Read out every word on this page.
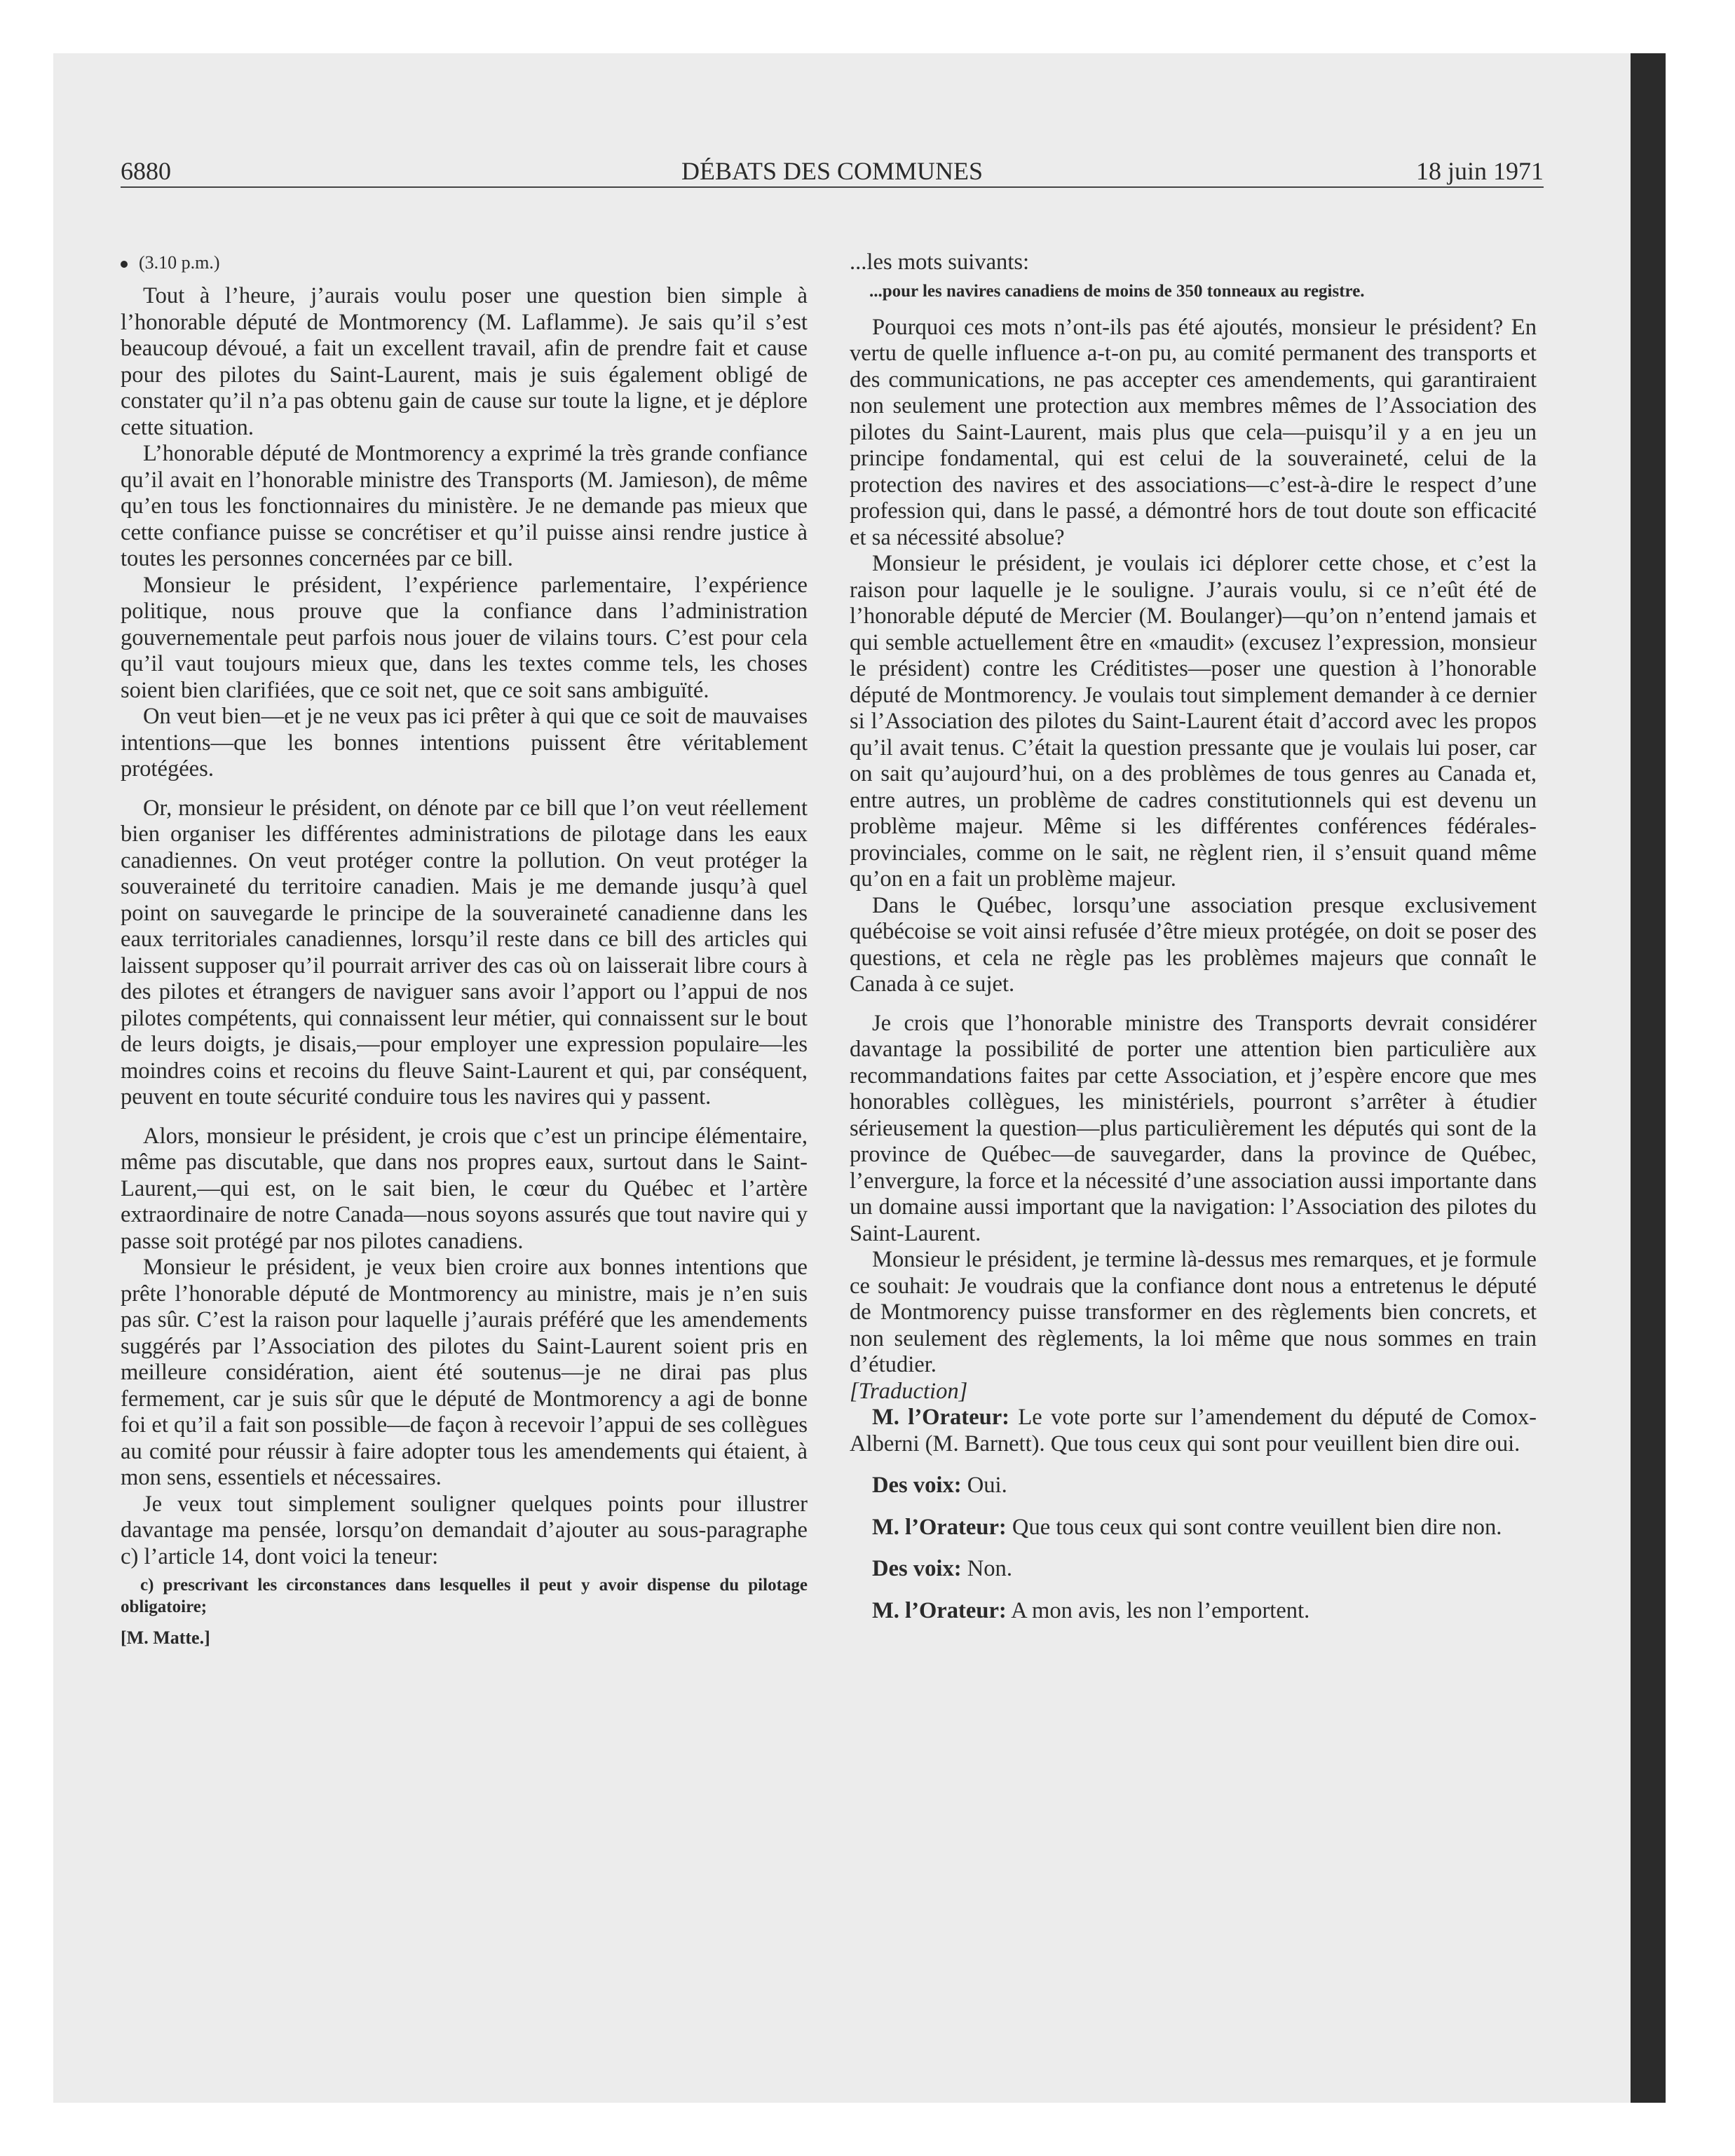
6880	DÉBATS DES COMMUNES	18 juin 1971
(3.10 p.m.)

Tout à l’heure, j’aurais voulu poser une question bien simple à l’honorable député de Montmorency (M. Laflamme). Je sais qu’il s’est beaucoup dévoué, a fait un excellent travail, afin de prendre fait et cause pour des pilotes du Saint-Laurent, mais je suis également obligé de constater qu’il n’a pas obtenu gain de cause sur toute la ligne, et je déplore cette situation.

L’honorable député de Montmorency a exprimé la très grande confiance qu’il avait en l’honorable ministre des Transports (M. Jamieson), de même qu’en tous les fonctionnaires du ministère. Je ne demande pas mieux que cette confiance puisse se concrétiser et qu’il puisse ainsi rendre justice à toutes les personnes concernées par ce bill.

Monsieur le président, l’expérience parlementaire, l’expérience politique, nous prouve que la confiance dans l’administration gouvernementale peut parfois nous jouer de vilains tours. C’est pour cela qu’il vaut toujours mieux que, dans les textes comme tels, les choses soient bien clarifiées, que ce soit net, que ce soit sans ambiguïté.

On veut bien—et je ne veux pas ici prêter à qui que ce soit de mauvaises intentions—que les bonnes intentions puissent être véritablement protégées.

Or, monsieur le président, on dénote par ce bill que l’on veut réellement bien organiser les différentes administrations de pilotage dans les eaux canadiennes. On veut protéger contre la pollution. On veut protéger la souveraineté du territoire canadien. Mais je me demande jusqu’à quel point on sauvegarde le principe de la souveraineté canadienne dans les eaux territoriales canadiennes, lorsqu’il reste dans ce bill des articles qui laissent supposer qu’il pourrait arriver des cas où on laisserait libre cours à des pilotes et étrangers de naviguer sans avoir l’apport ou l’appui de nos pilotes compétents, qui connaissent leur métier, qui connaissent sur le bout de leurs doigts, je disais,—pour employer une expression populaire—les moindres coins et recoins du fleuve Saint-Laurent et qui, par conséquent, peuvent en toute sécurité conduire tous les navires qui y passent.

Alors, monsieur le président, je crois que c’est un principe élémentaire, même pas discutable, que dans nos propres eaux, surtout dans le Saint-Laurent,—qui est, on le sait bien, le cœur du Québec et l’artère extraordinaire de notre Canada—nous soyons assurés que tout navire qui y passe soit protégé par nos pilotes canadiens.

Monsieur le président, je veux bien croire aux bonnes intentions que prête l’honorable député de Montmorency au ministre, mais je n’en suis pas sûr. C’est la raison pour laquelle j’aurais préféré que les amendements suggérés par l’Association des pilotes du Saint-Laurent soient pris en meilleure considération, aient été soutenus—je ne dirai pas plus fermement, car je suis sûr que le député de Montmorency a agi de bonne foi et qu’il a fait son possible—de façon à recevoir l’appui de ses collègues au comité pour réussir à faire adopter tous les amendements qui étaient, à mon sens, essentiels et nécessaires.

Je veux tout simplement souligner quelques points pour illustrer davantage ma pensée, lorsqu’on demandait d’ajouter au sous-paragraphe c) l’article 14, dont voici la teneur:

c) prescrivant les circonstances dans lesquelles il peut y avoir dispense du pilotage obligatoire;

[M. Matte.]

...les mots suivants:

...pour les navires canadiens de moins de 350 tonneaux au registre.

Pourquoi ces mots n’ont-ils pas été ajoutés, monsieur le président? En vertu de quelle influence a-t-on pu, au comité permanent des transports et des communications, ne pas accepter ces amendements, qui garantiraient non seulement une protection aux membres mêmes de l’Association des pilotes du Saint-Laurent, mais plus que cela—puisqu’il y a en jeu un principe fondamental, qui est celui de la souveraineté, celui de la protection des navires et des associations—c’est-à-dire le respect d’une profession qui, dans le passé, a démontré hors de tout doute son efficacité et sa nécessité absolue?

Monsieur le président, je voulais ici déplorer cette chose, et c’est la raison pour laquelle je le souligne. J’aurais voulu, si ce n’eût été de l’honorable député de Mercier (M. Boulanger)—qu’on n’entend jamais et qui semble actuellement être en «maudit» (excusez l’expression, monsieur le président) contre les Créditistes—poser une question à l’honorable député de Montmorency. Je voulais tout simplement demander à ce dernier si l’Association des pilotes du Saint-Laurent était d’accord avec les propos qu’il avait tenus. C’était la question pressante que je voulais lui poser, car on sait qu’aujourd’hui, on a des problèmes de tous genres au Canada et, entre autres, un problème de cadres constitutionnels qui est devenu un problème majeur. Même si les différentes conférences fédérales-provinciales, comme on le sait, ne règlent rien, il s’ensuit quand même qu’on en a fait un problème majeur.

Dans le Québec, lorsqu’une association presque exclusivement québécoise se voit ainsi refusée d’être mieux protégée, on doit se poser des questions, et cela ne règle pas les problèmes majeurs que connaît le Canada à ce sujet.

Je crois que l’honorable ministre des Transports devrait considérer davantage la possibilité de porter une attention bien particulière aux recommandations faites par cette Association, et j’espère encore que mes honorables collègues, les ministériels, pourront s’arrêter à étudier sérieusement la question—plus particulièrement les députés qui sont de la province de Québec—de sauvegarder, dans la province de Québec, l’envergure, la force et la nécessité d’une association aussi importante dans un domaine aussi important que la navigation: l’Association des pilotes du Saint-Laurent.

Monsieur le président, je termine là-dessus mes remarques, et je formule ce souhait: Je voudrais que la confiance dont nous a entretenus le député de Montmorency puisse transformer en des règlements bien concrets, et non seulement des règlements, la loi même que nous sommes en train d’étudier.

[Traduction]

M. l’Orateur: Le vote porte sur l’amendement du député de Comox-Alberni (M. Barnett). Que tous ceux qui sont pour veuillent bien dire oui.

Des voix: Oui.

M. l’Orateur: Que tous ceux qui sont contre veuillent bien dire non.

Des voix: Non.

M. l’Orateur: A mon avis, les non l’emportent.
